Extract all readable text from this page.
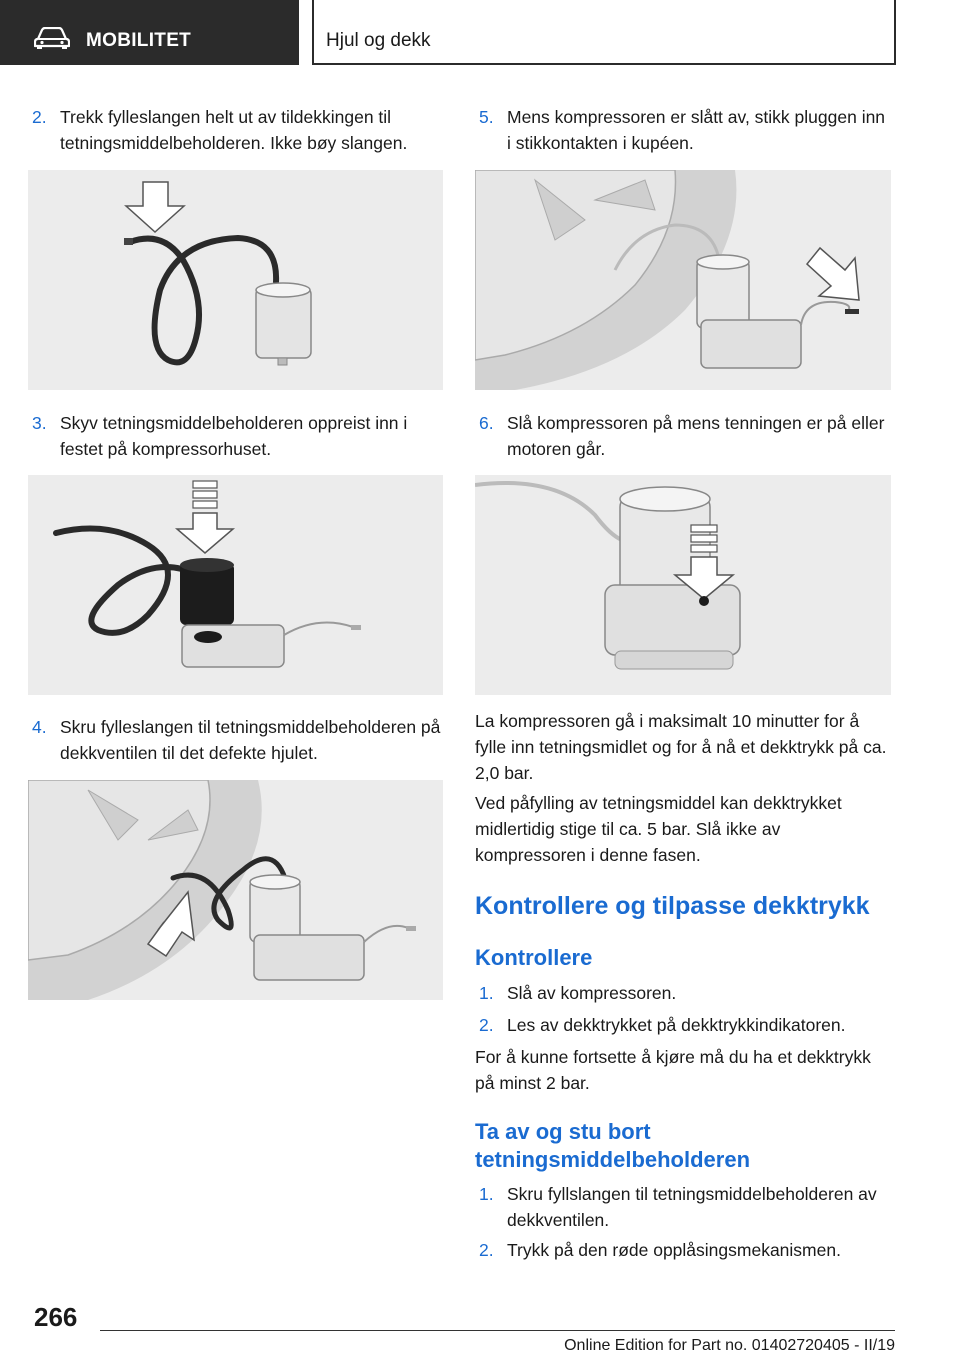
MOBILITET	Hjul og dekk
2. Trekk fylleslangen helt ut av tildekkingen til tetningsmiddelbeholderen. Ikke bøy slangen.
3. Skyv tetningsmiddelbeholderen oppreist inn i festet på kompressorhuset.
4. Skru fylleslangen til tetningsmiddelbeholderen på dekkventilen til det defekte hjulet.
5. Mens kompressoren er slått av, stikk pluggen inn i stikkontakten i kupéen.
6. Slå kompressoren på mens tenningen er på eller motoren går.

La kompressoren gå i maksimalt 10 minutter for å fylle inn tetningsmidlet og for å nå et dekktrykk på ca. 2,0 bar.

Ved påfylling av tetningsmiddel kan dekktrykket midlertidig stige til ca. 5 bar. Slå ikke av kompressoren i denne fasen.

Kontrollere og tilpasse dekktrykk
Kontrollere
1. Slå av kompressoren.
2. Les av dekktrykket på dekktrykkindikatoren.

For å kunne fortsette å kjøre må du ha et dekktrykk på minst 2 bar.

Ta av og stu bort tetningsmiddelbeholderen
1. Skru fyllslangen til tetningsmiddelbeholderen av dekkventilen.
2. Trykk på den røde opplåsingsmekanismen.
266
Online Edition for Part no. 01402720405 - II/19
